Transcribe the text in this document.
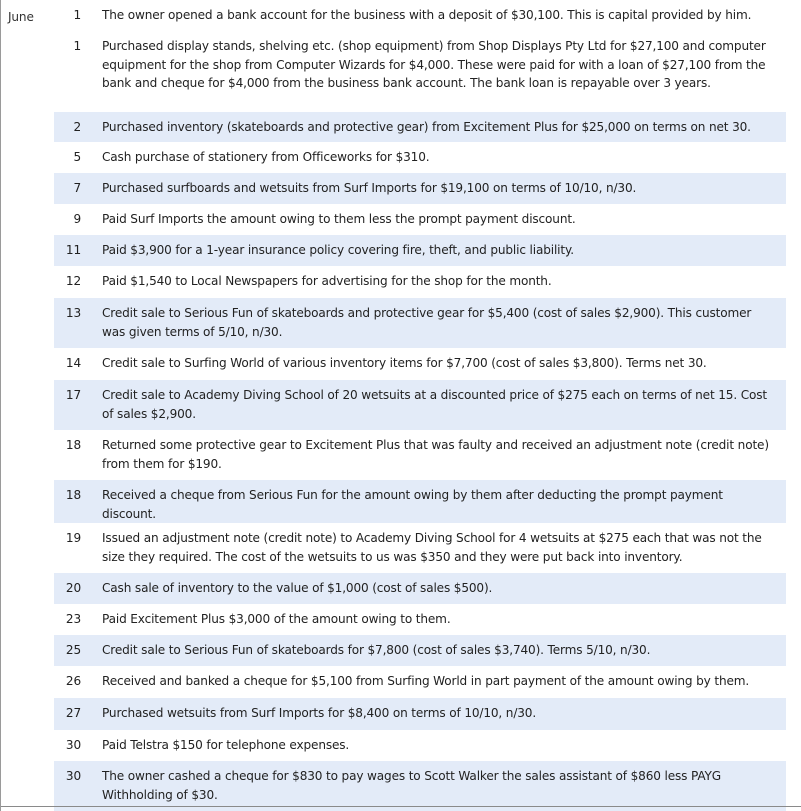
June	1	The owner opened a bank account for the business with a deposit of $30,100. This is capital provided by him.
	1	Purchased display stands, shelving etc. (shop equipment) from Shop Displays Pty Ltd for $27,100 and computer equipment for the shop from Computer Wizards for $4,000. These were paid for with a loan of $27,100 from the bank and cheque for $4,000 from the business bank account. The bank loan is repayable over 3 years.
	2	Purchased inventory (skateboards and protective gear) from Excitement Plus for $25,000 on terms on net 30.
	5	Cash purchase of stationery from Officeworks for $310.
	7	Purchased surfboards and wetsuits from Surf Imports for $19,100 on terms of 10/10, n/30.
	9	Paid Surf Imports the amount owing to them less the prompt payment discount.
	11	Paid $3,900 for a 1-year insurance policy covering fire, theft, and public liability.
	12	Paid $1,540 to Local Newspapers for advertising for the shop for the month.
	13	Credit sale to Serious Fun of skateboards and protective gear for $5,400 (cost of sales $2,900). This customer was given terms of 5/10, n/30.
	14	Credit sale to Surfing World of various inventory items for $7,700 (cost of sales $3,800). Terms net 30.
	17	Credit sale to Academy Diving School of 20 wetsuits at a discounted price of $275 each on terms of net 15. Cost of sales $2,900.
	18	Returned some protective gear to Excitement Plus that was faulty and received an adjustment note (credit note) from them for $190.
	18	Received a cheque from Serious Fun for the amount owing by them after deducting the prompt payment discount.
	19	Issued an adjustment note (credit note) to Academy Diving School for 4 wetsuits at $275 each that was not the size they required. The cost of the wetsuits to us was $350 and they were put back into inventory.
	20	Cash sale of inventory to the value of $1,000 (cost of sales $500).
	23	Paid Excitement Plus $3,000 of the amount owing to them.
	25	Credit sale to Serious Fun of skateboards for $7,800 (cost of sales $3,740). Terms 5/10, n/30.
	26	Received and banked a cheque for $5,100 from Surfing World in part payment of the amount owing by them.
	27	Purchased wetsuits from Surf Imports for $8,400 on terms of 10/10, n/30.
	30	Paid Telstra $150 for telephone expenses.
	30	The owner cashed a cheque for $830 to pay wages to Scott Walker the sales assistant of $860 less PAYG Withholding of $30.
